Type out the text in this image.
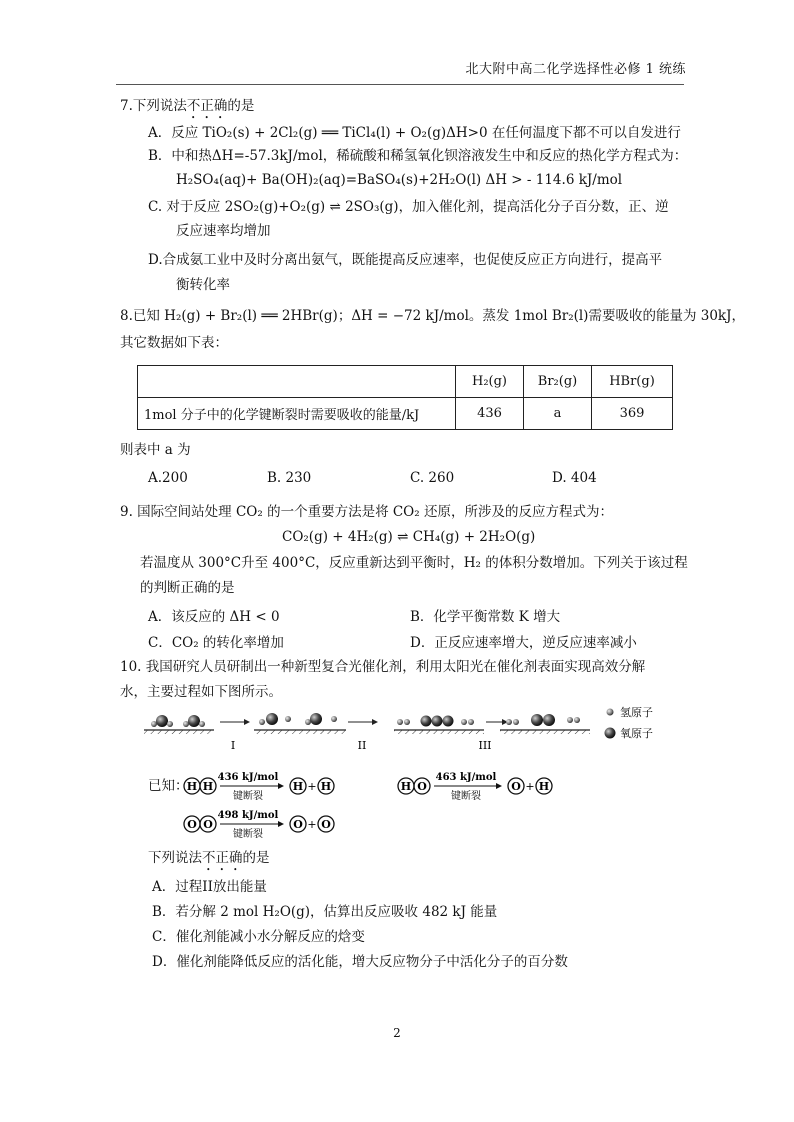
北大附中高二化学选择性必修 1 统练
7.下列说法不正确的是
A．反应 TiO₂(s) + 2Cl₂(g) ══ TiCl₄(l) + O₂(g)ΔH>0 在任何温度下都不可以自发进行
B．中和热ΔH=-57.3kJ/mol，稀硫酸和稀氢氧化钡溶液发生中和反应的热化学方程式为：
H₂SO₄(aq)+ Ba(OH)₂(aq)=BaSO₄(s)+2H₂O(l) ΔH > - 114.6 kJ/mol
C. 对于反应 2SO₂(g)+O₂(g) ⇌ 2SO₃(g)，加入催化剂，提高活化分子百分数，正、逆
反应速率均增加
D.合成氨工业中及时分离出氨气，既能提高反应速率，也促使反应正方向进行，提高平
衡转化率
8.已知 H₂(g) + Br₂(l) ══ 2HBr(g)；ΔH = −72 kJ/mol。蒸发 1mol Br₂(l)需要吸收的能量为 30kJ，
其它数据如下表：
	H₂(g)	Br₂(g)	HBr(g)
1mol 分子中的化学键断裂时需要吸收的能量/kJ	436	a	369
则表中 a 为
A.200	B. 230	C. 260	D. 404
9. 国际空间站处理 CO₂ 的一个重要方法是将 CO₂ 还原，所涉及的反应方程式为：
CO₂(g) + 4H₂(g) ⇌ CH₄(g) + 2H₂O(g)
若温度从 300°C升至 400°C，反应重新达到平衡时，H₂ 的体积分数增加。下列关于该过程
的判断正确的是
A．该反应的 ΔH < 0	B．化学平衡常数 K 增大
C．CO₂ 的转化率增加	D．正反应速率增大，逆反应速率减小
10. 我国研究人员研制出一种新型复合光催化剂，利用太阳光在催化剂表面实现高效分解
水，主要过程如下图所示。
I	II	III
氢原子
氧原子
已知：
H H
436 kJ/mol
键断裂
H + H	H O
463 kJ/mol
键断裂
O + H
O O
498 kJ/mol
键断裂
O + O
下列说法不正确的是
A．过程II放出能量
B．若分解 2 mol H₂O(g)，估算出反应吸收 482 kJ 能量
C．催化剂能减小水分解反应的焓变
D．催化剂能降低反应的活化能，增大反应物分子中活化分子的百分数
2
